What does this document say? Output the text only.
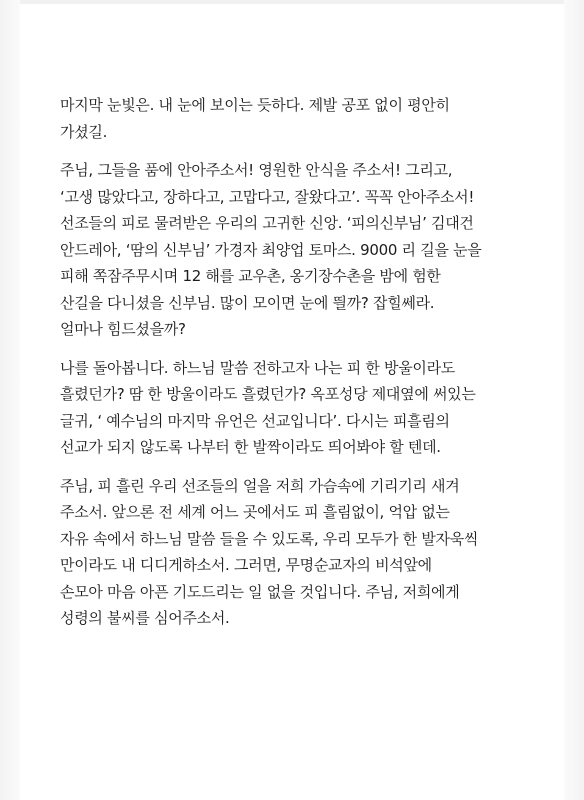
마지막 눈빛은. 내 눈에 보이는 듯하다. 제발 공포 없이 평안히
가셨길.

주님, 그들을 품에 안아주소서! 영원한 안식을 주소서! 그리고,
‘고생 많았다고, 장하다고, 고맙다고, 잘왔다고’. 꼭꼭 안아주소서!
선조들의 피로 물려받은 우리의 고귀한 신앙. ‘피의신부님’ 김대건
안드레아, ‘땀의 신부님’ 가경자 최양업 토마스. 9000 리 길을 눈을
피해 쪽잠주무시며 12 해를 교우촌, 옹기장수촌을 밤에 험한
산길을 다니셨을 신부님. 많이 모이면 눈에 띌까? 잡힐쎄라.
얼마나 힘드셨을까?

나를 돌아봅니다. 하느님 말씀 전하고자 나는 피 한 방울이라도
흘렸던가? 땀 한 방울이라도 흘렸던가? 옥포성당 제대옆에 써있는
글귀, ‘ 예수님의 마지막 유언은 선교입니다’. 다시는 피흘림의
선교가 되지 않도록 나부터 한 발짝이라도 띄어봐야 할 텐데.

주님, 피 흘린 우리 선조들의 얼을 저희 가슴속에 기리기리 새겨
주소서. 앞으론 전 세계 어느 곳에서도 피 흘림없이, 억압 없는
자유 속에서 하느님 말씀 들을 수 있도록, 우리 모두가 한 발자욱씩
만이라도 내 디디게하소서. 그러면, 무명순교자의 비석앞에
손모아 마음 아픈 기도드리는 일 없을 것입니다. 주님, 저희에게
성령의 불씨를 심어주소서.
